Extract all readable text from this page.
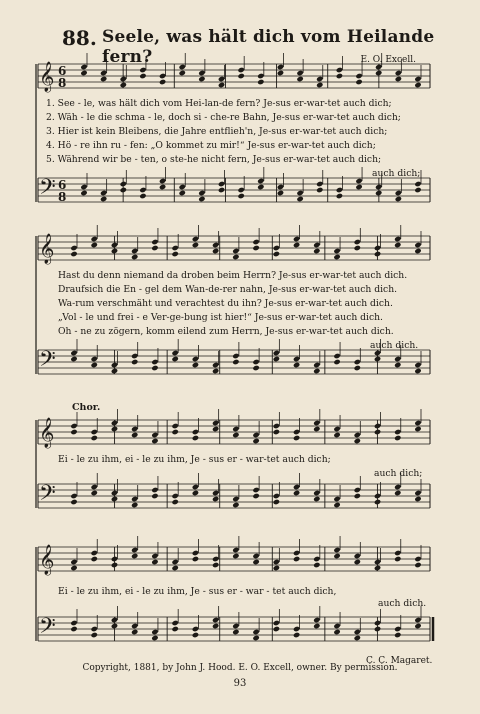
88. Seele, was hält dich vom Heilande fern?	E. O. Excell.
𝄞
𝄢
6
8
6
8
𝄞
𝄢
𝄞
𝄢
𝄞
𝄢
1. See - le, was hält dich vom Hei-lan-de fern? Je-sus er-war-tet auch dich;
2. Wäh - le die schma - le, doch si - che-re Bahn, Je-sus er-war-tet auch dich;
3. Hier ist kein Bleibens, die Jahre entflieh'n, Je-sus er-war-tet auch dich;
4. Hö - re ihn ru - fen: „O kommet zu mir!“ Je-sus er-war-tet auch dich;
5. Während wir be - ten, o ste-he nicht fern, Je-sus er-war-tet auch dich;
auch dich;
Hast du denn niemand da droben beim Herrn? Je-sus er-war-tet auch dich.
Draufsich die En - gel dem Wan-de-rer nahn, Je-sus er-war-tet auch dich.
Wa-rum verschmäht und verachtest du ihn? Je-sus er-war-tet auch dich.
„Vol - le und frei - e Ver-ge-bung ist hier!“ Je-sus er-war-tet auch dich.
Oh - ne zu zögern, komm eilend zum Herrn, Je-sus er-war-tet auch dich.
auch dich.
Chor.
Ei - le zu ihm, ei - le zu ihm, Je - sus er - war-tet auch dich;
auch dich;
Ei - le zu ihm, ei - le zu ihm, Je - sus er - war - tet auch dich,
auch dich.
C. C. Magaret.
Copyright, 1881, by John J. Hood. E. O. Excell, owner. By permission.
93
